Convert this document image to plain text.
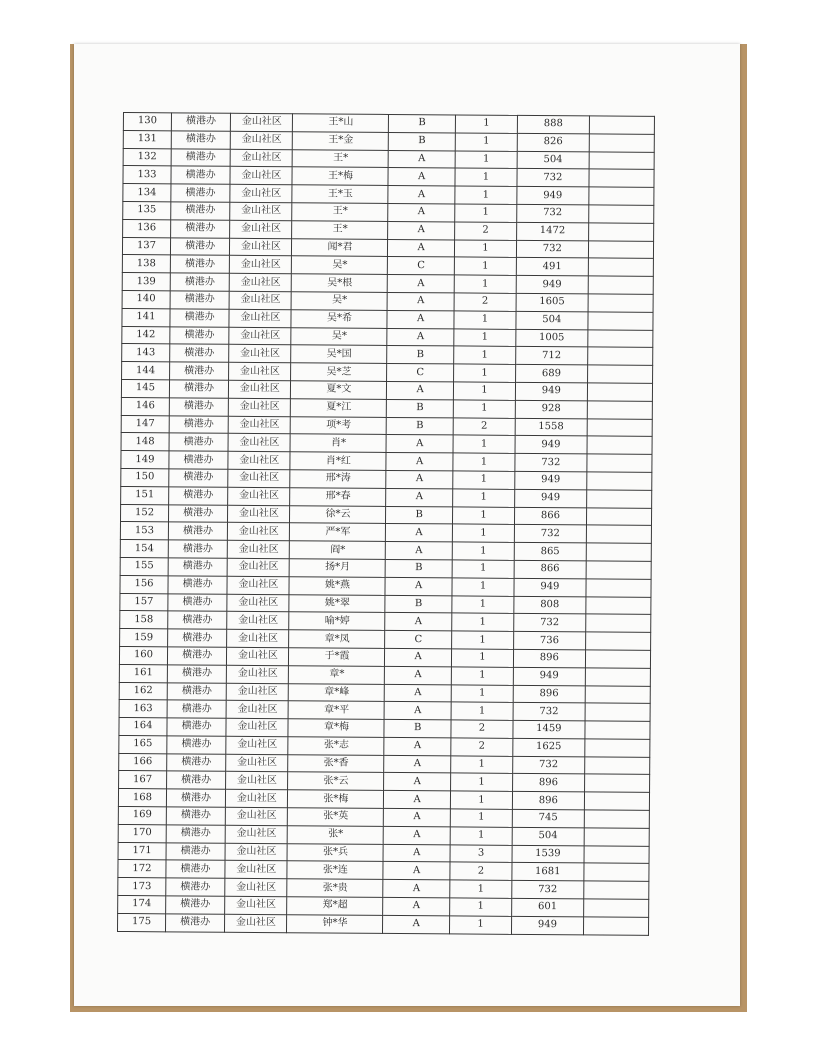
130	横港办	金山社区	王*山	B	1	888	
131	横港办	金山社区	王*金	B	1	826	
132	横港办	金山社区	王*	A	1	504	
133	横港办	金山社区	王*梅	A	1	732	
134	横港办	金山社区	王*玉	A	1	949	
135	横港办	金山社区	王*	A	1	732	
136	横港办	金山社区	王*	A	2	1472	
137	横港办	金山社区	闻*君	A	1	732	
138	横港办	金山社区	吴*	C	1	491	
139	横港办	金山社区	吴*根	A	1	949	
140	横港办	金山社区	吴*	A	2	1605	
141	横港办	金山社区	吴*希	A	1	504	
142	横港办	金山社区	吴*	A	1	1005	
143	横港办	金山社区	吴*国	B	1	712	
144	横港办	金山社区	吴*芝	C	1	689	
145	横港办	金山社区	夏*文	A	1	949	
146	横港办	金山社区	夏*江	B	1	928	
147	横港办	金山社区	项*考	B	2	1558	
148	横港办	金山社区	肖*	A	1	949	
149	横港办	金山社区	肖*红	A	1	732	
150	横港办	金山社区	邢*涛	A	1	949	
151	横港办	金山社区	邢*春	A	1	949	
152	横港办	金山社区	徐*云	B	1	866	
153	横港办	金山社区	严*军	A	1	732	
154	横港办	金山社区	阎*	A	1	865	
155	横港办	金山社区	扬*月	B	1	866	
156	横港办	金山社区	姚*燕	A	1	949	
157	横港办	金山社区	姚*翠	B	1	808	
158	横港办	金山社区	喻*婷	A	1	732	
159	横港办	金山社区	章*凤	C	1	736	
160	横港办	金山社区	于*霞	A	1	896	
161	横港办	金山社区	章*	A	1	949	
162	横港办	金山社区	章*峰	A	1	896	
163	横港办	金山社区	章*平	A	1	732	
164	横港办	金山社区	章*梅	B	2	1459	
165	横港办	金山社区	张*志	A	2	1625	
166	横港办	金山社区	张*香	A	1	732	
167	横港办	金山社区	张*云	A	1	896	
168	横港办	金山社区	张*梅	A	1	896	
169	横港办	金山社区	张*英	A	1	745	
170	横港办	金山社区	张*	A	1	504	
171	横港办	金山社区	张*兵	A	3	1539	
172	横港办	金山社区	张*连	A	2	1681	
173	横港办	金山社区	张*贵	A	1	732	
174	横港办	金山社区	郑*超	A	1	601	
175	横港办	金山社区	钟*华	A	1	949	
